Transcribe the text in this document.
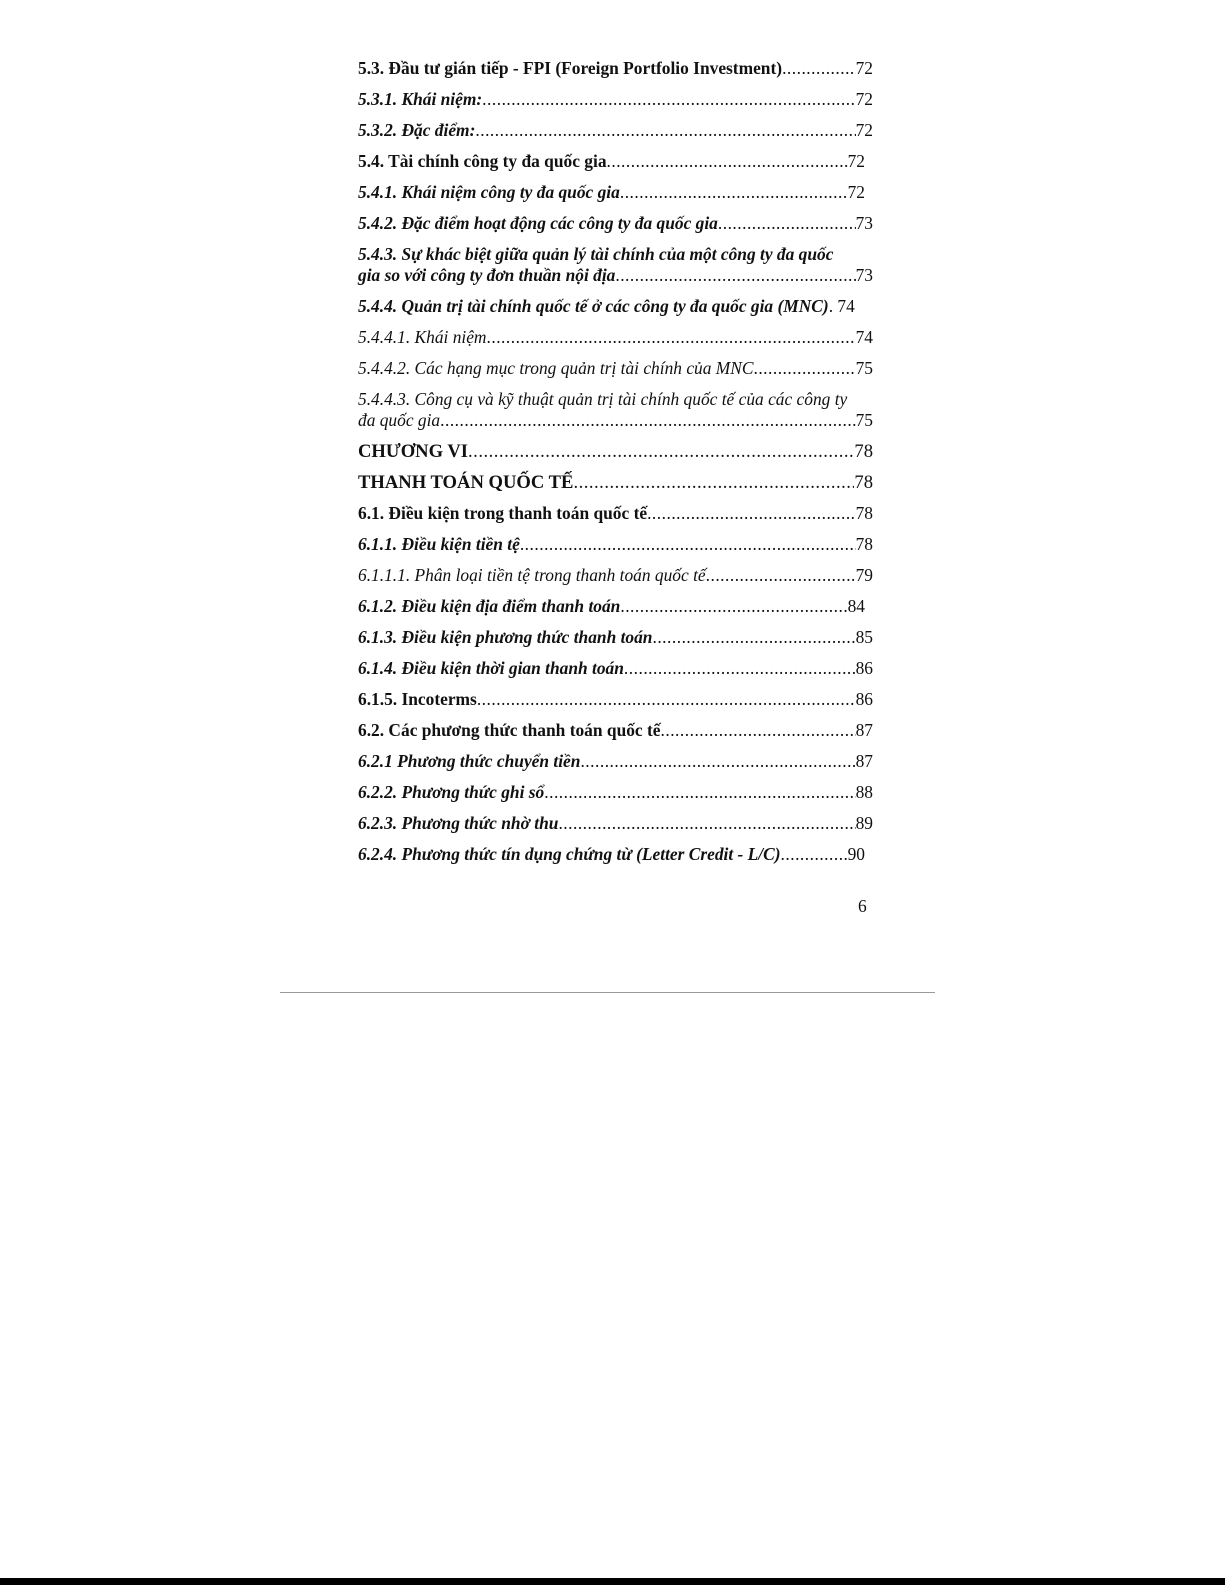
5.3. Đầu tư gián tiếp - FPI (Foreign Portfolio Investment) .....	72
5.3.1. Khái niệm: .....	72
5.3.2. Đặc điểm: .....	72
5.4. Tài chính công ty đa quốc gia .....	72
5.4.1. Khái niệm công ty đa quốc gia .....	72
5.4.2. Đặc điểm hoạt động các công ty đa quốc gia .....	73
5.4.3. Sự khác biệt giữa quản lý tài chính của một công ty đa quốc
gia so với công ty đơn thuần nội địa .....	73
5.4.4. Quản trị tài chính quốc tế ở các công ty đa quốc gia (MNC) . 74
5.4.4.1. Khái niệm .....	74
5.4.4.2. Các hạng mục trong quản trị tài chính của MNC .....	75
5.4.4.3. Công cụ và kỹ thuật quản trị tài chính quốc tế của các công ty
đa quốc gia .....	75
CHƯƠNG VI .....	78
THANH TOÁN QUỐC TẾ .....	78
6.1. Điều kiện trong thanh toán quốc tế .....	78
6.1.1. Điều kiện tiền tệ .....	78
6.1.1.1. Phân loại tiền tệ trong thanh toán quốc tế .....	79
6.1.2. Điều kiện địa điểm thanh toán .....	84
6.1.3. Điều kiện phương thức thanh toán .....	85
6.1.4. Điều kiện thời gian thanh toán .....	86
6.1.5. Incoterms .....	86
6.2. Các phương thức thanh toán quốc tế .....	87
6.2.1 Phương thức chuyển tiền .....	87
6.2.2. Phương thức ghi sổ .....	88
6.2.3. Phương thức nhờ thu .....	89
6.2.4. Phương thức tín dụng chứng từ (Letter Credit - L/C) .....	90
6
